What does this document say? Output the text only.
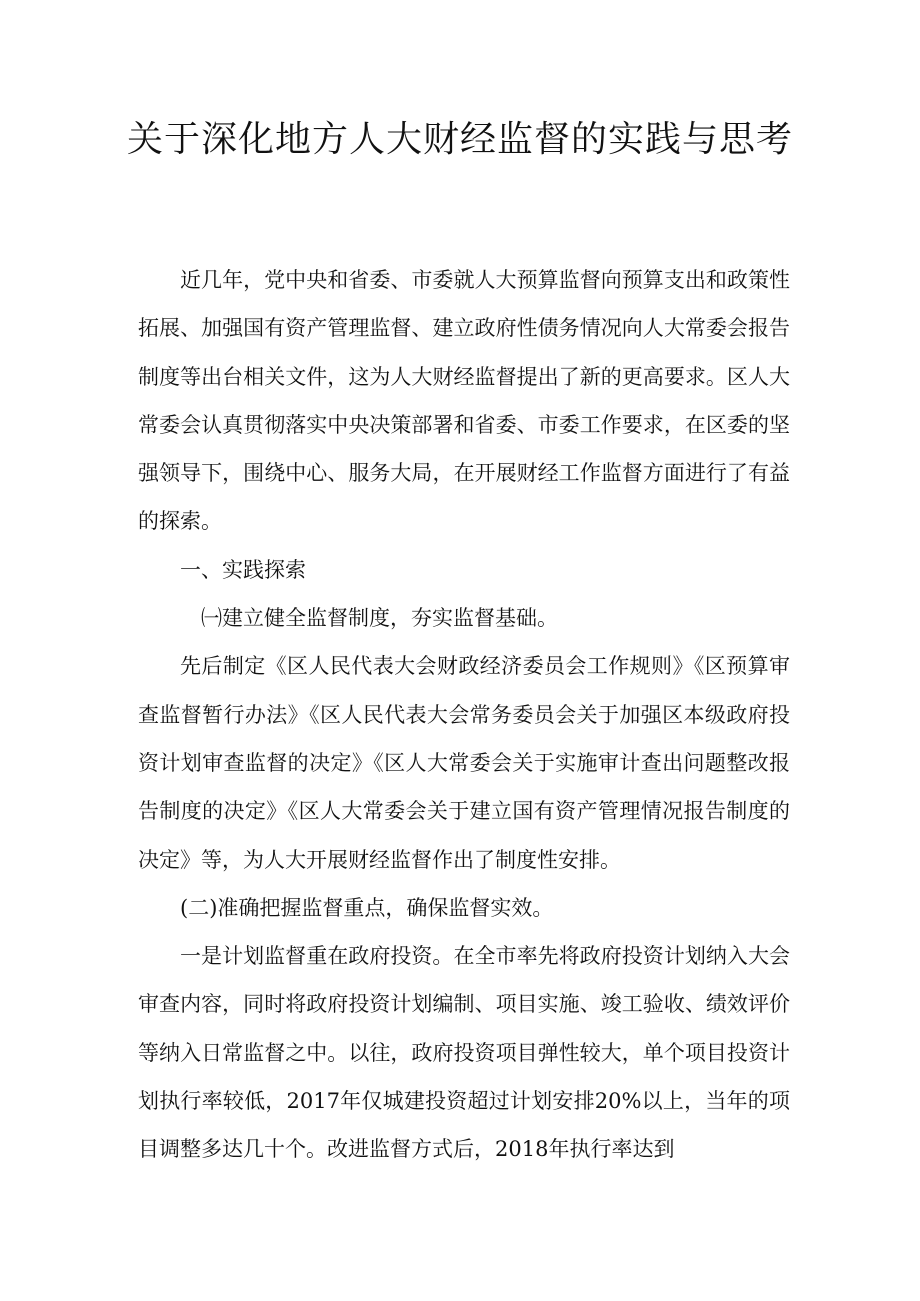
关于深化地方人大财经监督的实践与思考

近几年，党中央和省委、市委就人大预算监督向预算支出和政策性拓展、加强国有资产管理监督、建立政府性债务情况向人大常委会报告制度等出台相关文件，这为人大财经监督提出了新的更高要求。区人大常委会认真贯彻落实中央决策部署和省委、市委工作要求，在区委的坚强领导下，围绕中心、服务大局，在开展财经工作监督方面进行了有益的探索。

一、实践探索

㈠建立健全监督制度，夯实监督基础。

先后制定《区人民代表大会财政经济委员会工作规则》《区预算审查监督暂行办法》《区人民代表大会常务委员会关于加强区本级政府投资计划审查监督的决定》《区人大常委会关于实施审计查出问题整改报告制度的决定》《区人大常委会关于建立国有资产管理情况报告制度的决定》等，为人大开展财经监督作出了制度性安排。

(二)准确把握监督重点，确保监督实效。

一是计划监督重在政府投资。在全市率先将政府投资计划纳入大会审查内容，同时将政府投资计划编制、项目实施、竣工验收、绩效评价等纳入日常监督之中。以往，政府投资项目弹性较大，单个项目投资计划执行率较低，2017年仅城建投资超过计划安排20%以上，当年的项目调整多达几十个。改进监督方式后，2018年执行率达到
